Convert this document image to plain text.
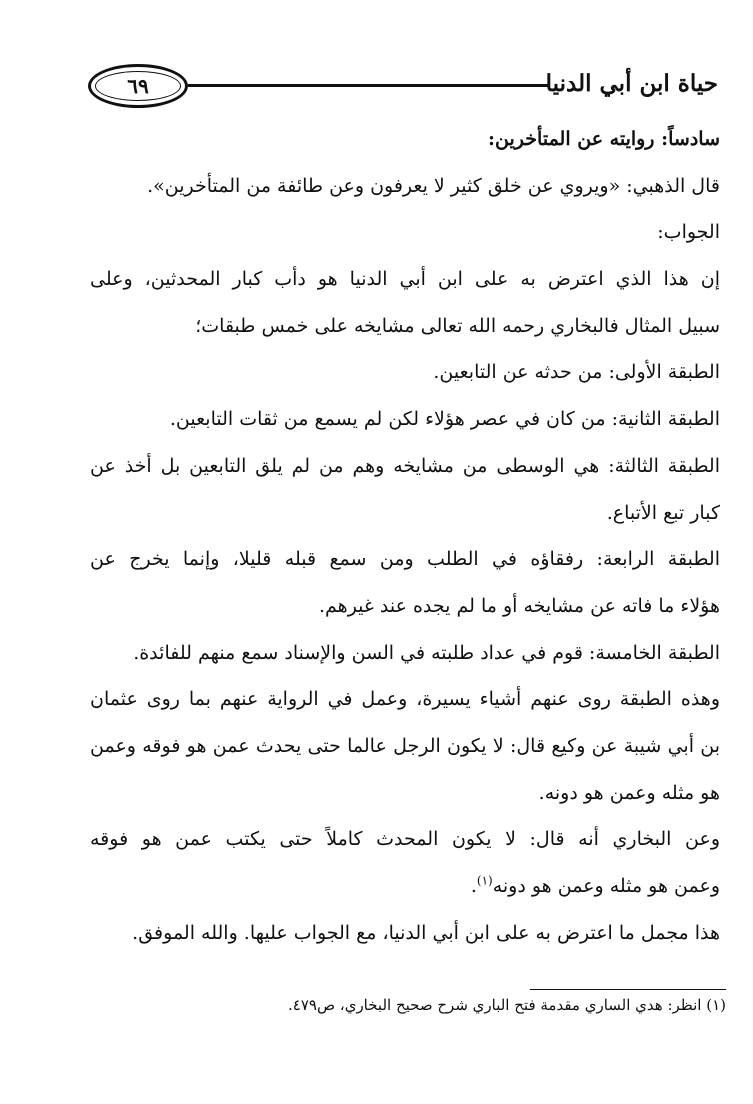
٦٩	حياة ابن أبي الدنيا
سادساً: روايته عن المتأخرين:
قال الذهبي: «ويروي عن خلق كثير لا يعرفون وعن طائفة من المتأخرين».
الجواب:
إن هذا الذي اعترض به على ابن أبي الدنيا هو دأب كبار المحدثين، وعلى
سبيل المثال فالبخاري رحمه الله تعالى مشايخه على خمس طبقات؛
الطبقة الأولى: من حدثه عن التابعين.
الطبقة الثانية: من كان في عصر هؤلاء لكن لم يسمع من ثقات التابعين.
الطبقة الثالثة: هي الوسطى من مشايخه وهم من لم يلق التابعين بل أخذ عن
كبار تبع الأتباع.
الطبقة الرابعة: رفقاؤه في الطلب ومن سمع قبله قليلا، وإنما يخرج عن
هؤلاء ما فاته عن مشايخه أو ما لم يجده عند غيرهم.
الطبقة الخامسة: قوم في عداد طلبته في السن والإسناد سمع منهم للفائدة.
وهذه الطبقة روى عنهم أشياء يسيرة، وعمل في الرواية عنهم بما روى عثمان
بن أبي شيبة عن وكيع قال: لا يكون الرجل عالما حتى يحدث عمن هو فوقه وعمن
هو مثله وعمن هو دونه.
وعن البخاري أنه قال: لا يكون المحدث كاملاً حتى يكتب عمن هو فوقه
وعمن هو مثله وعمن هو دونه$^{(١)}$.
هذا مجمل ما اعترض به على ابن أبي الدنيا، مع الجواب عليها. والله الموفق.
(١) انظر: هدي الساري مقدمة فتح الباري شرح صحيح البخاري، ص٤٧٩.
